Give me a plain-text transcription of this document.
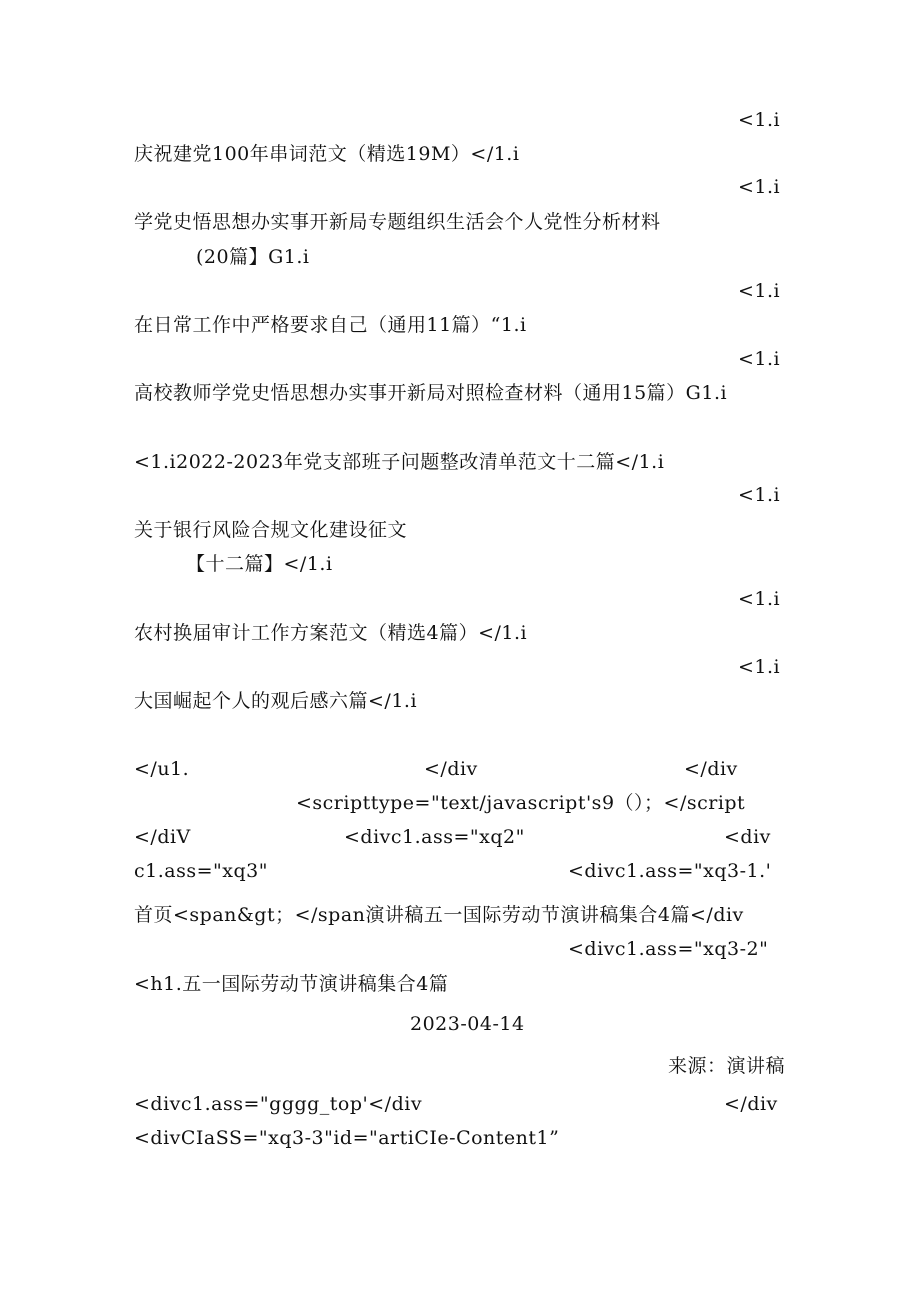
<1.i
庆祝建党100年串词范文（精选19M）</1.i
<1.i
学党史悟思想办实事开新局专题组织生活会个人党性分析材料
(20篇】G1.i
<1.i
在日常工作中严格要求自己（通用11篇）“1.i
<1.i
高校教师学党史悟思想办实事开新局对照检查材料（通用15篇）G1.i
<1.i2022-2023年党支部班子问题整改清单范文十二篇</1.i
<1.i
关于银行风险合规文化建设征文
【十二篇】</1.i
<1.i
农村换届审计工作方案范文（精选4篇）</1.i
<1.i
大国崛起个人的观后感六篇</1.i
</u1.	</div	</div
<scripttype="text/javascript's9（）；</script
</diV	<divc1.ass="xq2"	<div
c1.ass="xq3"	<divc1.ass="xq3-1.'
首页<span&gt；</span演讲稿五一国际劳动节演讲稿集合4篇</div
<divc1.ass="xq3-2"
<h1.五一国际劳动节演讲稿集合4篇
2023-04-14
来源：演讲稿
<divc1.ass="gggg_top'</div	</div
<divCIaSS="xq3-3"id="artiCIe-Content1”
